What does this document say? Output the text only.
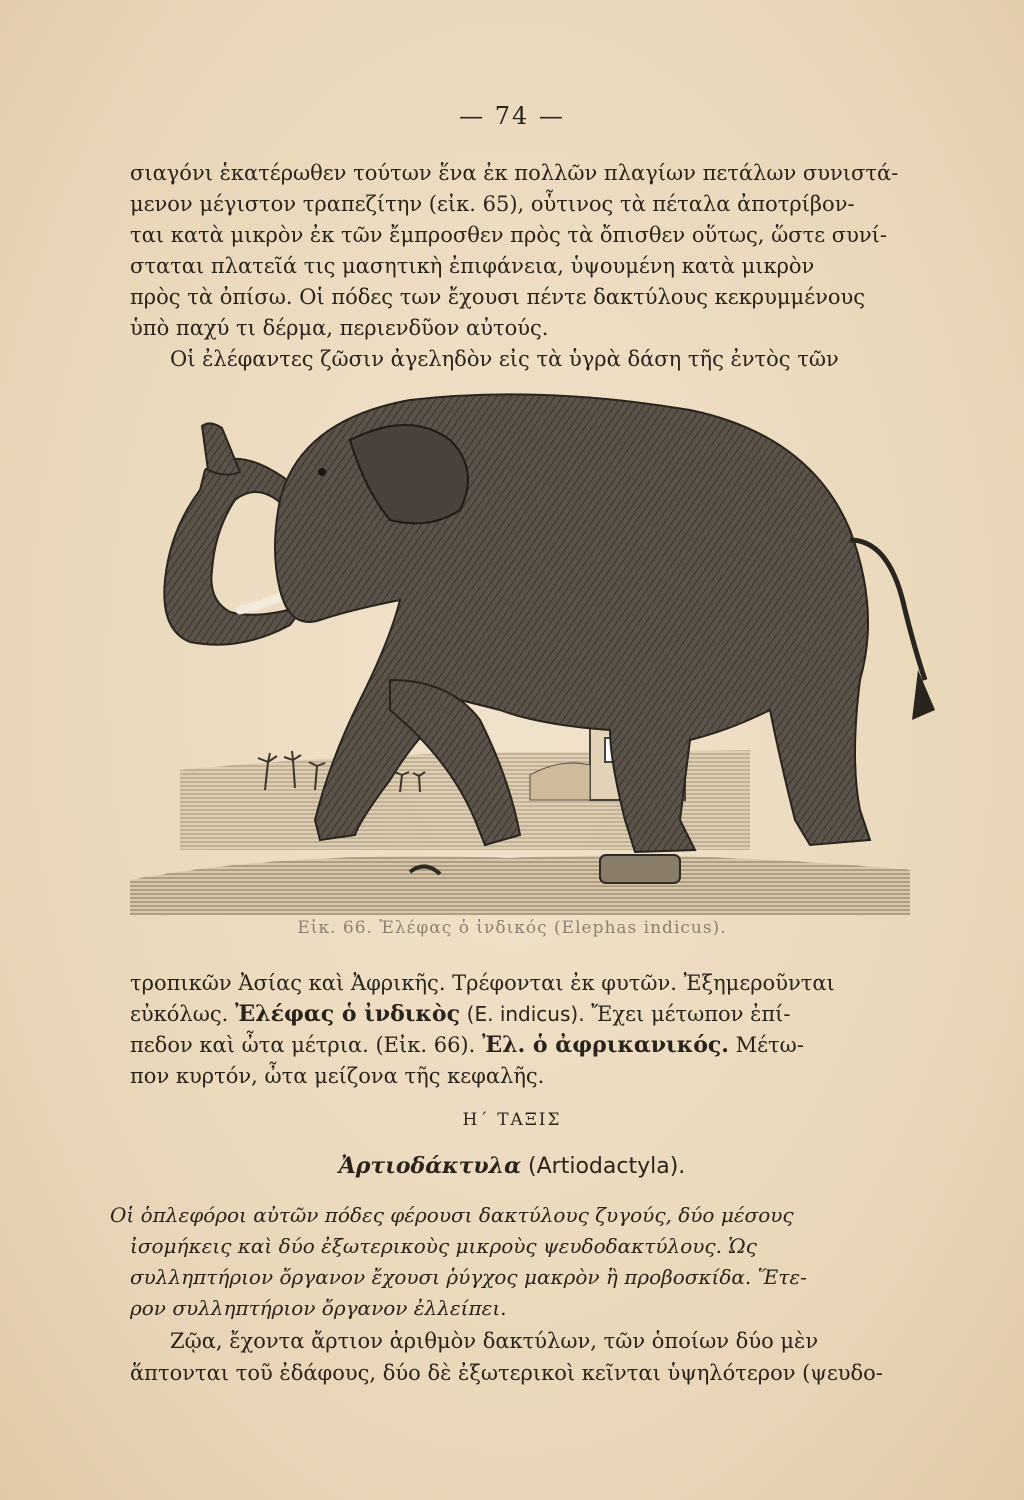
— 74 —

σιαγόνι ἑκατέρωθεν τούτων ἕνα ἐκ πολλῶν πλαγίων πετάλων συνιστά-

μενον μέγιστον τραπεζίτην (εἰκ. 65), οὗτινος τὰ πέταλα ἀποτρίβον-

ται κατὰ μικρὸν ἐκ τῶν ἔμπροσθεν πρὸς τὰ ὄπισθεν οὕτως, ὥστε συνί-

σταται πλατεῖά τις μασητικὴ ἐπιφάνεια, ὑψουμένη κατὰ μικρὸν

πρὸς τὰ ὀπίσω. Οἱ πόδες των ἔχουσι πέντε δακτύλους κεκρυμμένους

ὑπὸ παχύ τι δέρμα, περιενδῦον αὐτούς.

Οἱ ἐλέφαντες ζῶσιν ἀγεληδὸν εἰς τὰ ὑγρὰ δάση τῆς ἐντὸς τῶν

Εἰκ. 66. Ἐλέφας ὁ ἰνδικός (Elephas indicus).

τροπικῶν Ἀσίας καὶ Ἀφρικῆς. Τρέφονται ἐκ φυτῶν. Ἐξημεροῦνται

εὐκόλως. Ἐλέφας ὁ ἰνδικὸς (E. indicus). Ἔχει μέτωπον ἐπί-

πεδον καὶ ὦτα μέτρια. (Εἰκ. 66). Ἐλ. ὁ ἀφρικανικός. Μέτω-

πον κυρτόν, ὦτα μείζονα τῆς κεφαλῆς.

Η΄ ΤΑΞΙΣ
Ἀρτιοδάκτυλα (Artiodactyla).

Οἱ ὁπλεφόροι αὐτῶν πόδες φέρουσι δακτύλους ζυγούς, δύο μέσους

ἰσομήκεις καὶ δύο ἐξωτερικοὺς μικροὺς ψευδοδακτύλους. Ὡς

συλληπτήριον ὄργανον ἔχουσι ῥύγχος μακρὸν ἢ προβοσκίδα. Ἕτε-

ρον συλληπτήριον ὄργανον ἐλλείπει.

Ζῷα, ἔχοντα ἄρτιον ἀριθμὸν δακτύλων, τῶν ὁποίων δύο μὲν

ἅπτονται τοῦ ἐδάφους, δύο δὲ ἐξωτερικοὶ κεῖνται ὑψηλότερον (ψευδο-
